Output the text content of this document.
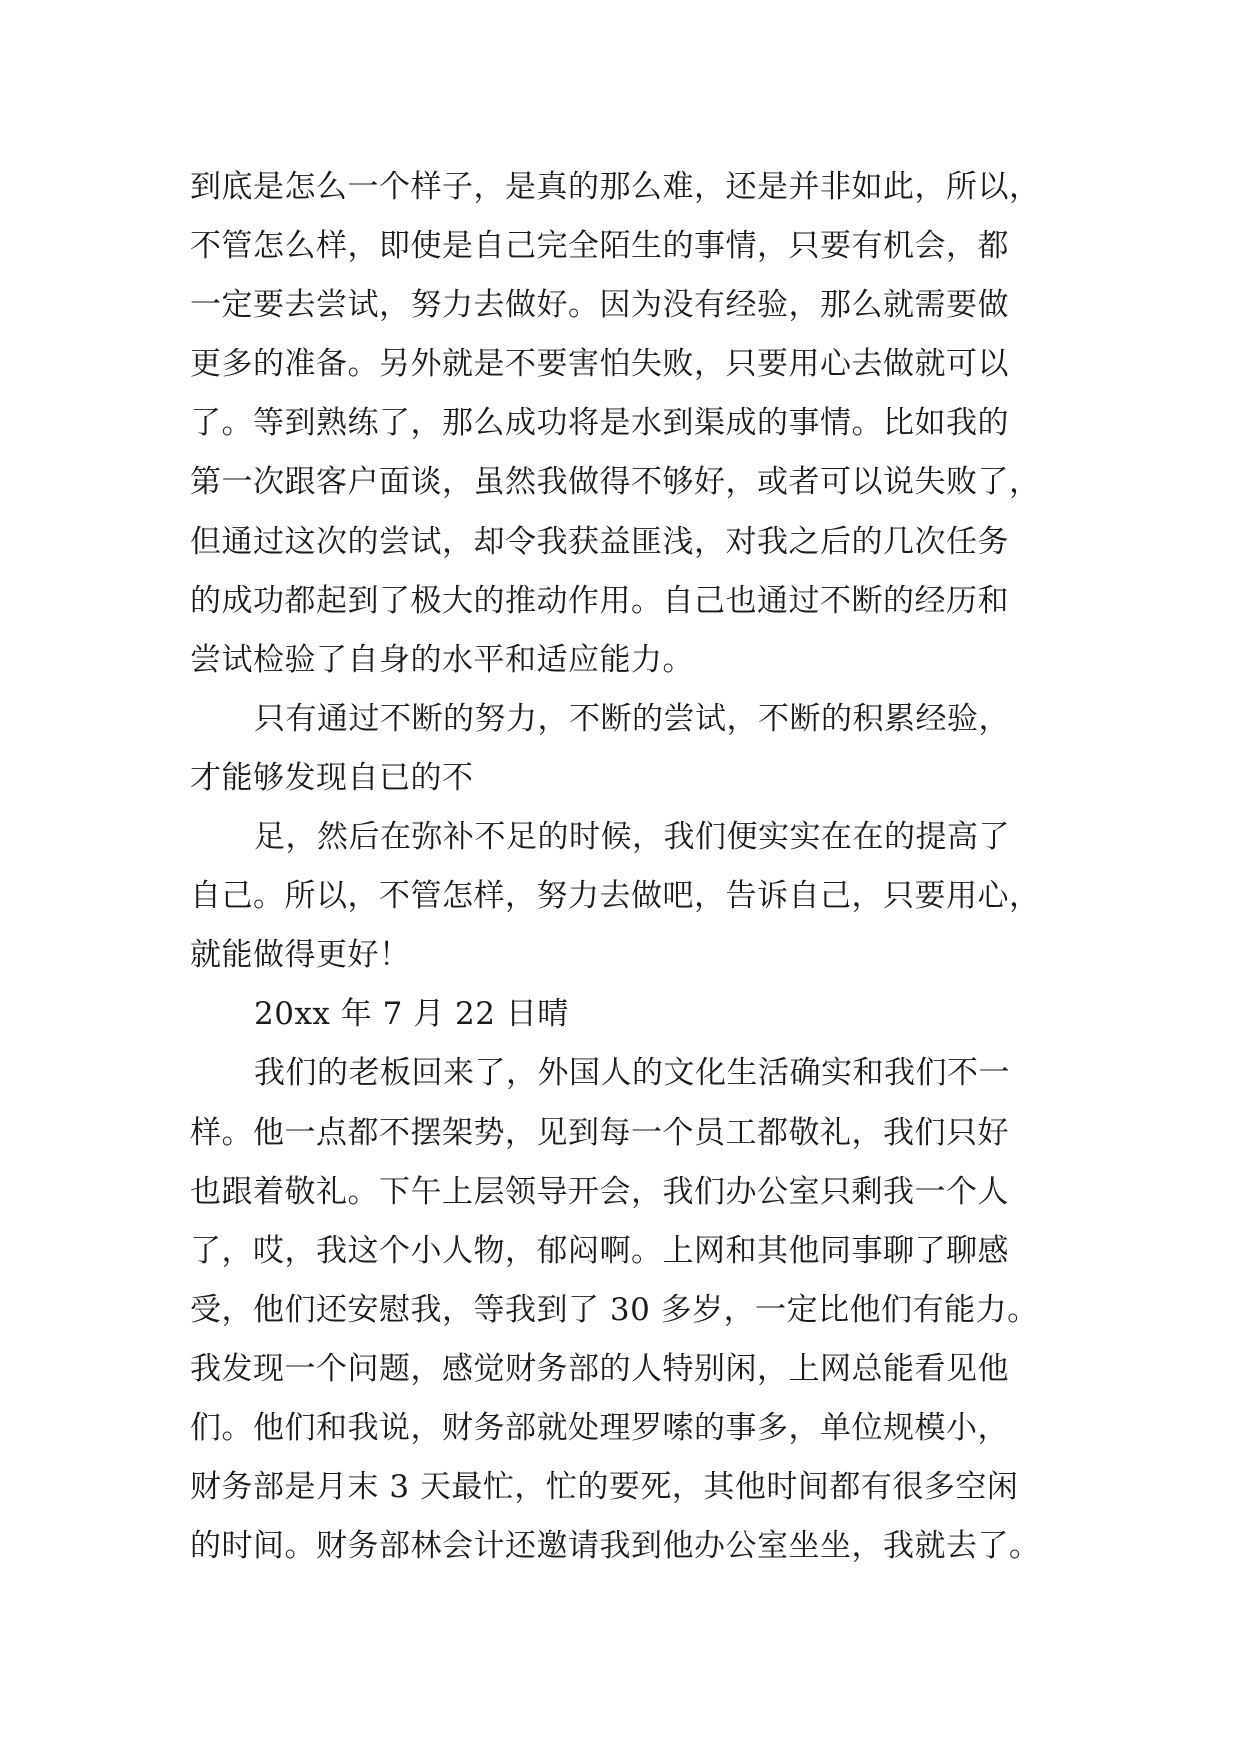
到底是怎么一个样子，是真的那么难，还是并非如此，所以，
不管怎么样，即使是自己完全陌生的事情，只要有机会，都
一定要去尝试，努力去做好。因为没有经验，那么就需要做
更多的准备。另外就是不要害怕失败，只要用心去做就可以
了。等到熟练了，那么成功将是水到渠成的事情。比如我的
第一次跟客户面谈，虽然我做得不够好，或者可以说失败了，
但通过这次的尝试，却令我获益匪浅，对我之后的几次任务
的成功都起到了极大的推动作用。自己也通过不断的经历和
尝试检验了自身的水平和适应能力。
只有通过不断的努力，不断的尝试，不断的积累经验，
才能够发现自已的不
足，然后在弥补不足的时候，我们便实实在在的提高了
自己。所以，不管怎样，努力去做吧，告诉自己，只要用心，
就能做得更好！
20xx 年 7 月 22 日晴
我们的老板回来了，外国人的文化生活确实和我们不一
样。他一点都不摆架势，见到每一个员工都敬礼，我们只好
也跟着敬礼。下午上层领导开会，我们办公室只剩我一个人
了，哎，我这个小人物，郁闷啊。上网和其他同事聊了聊感
受，他们还安慰我，等我到了 30 多岁，一定比他们有能力。
我发现一个问题，感觉财务部的人特别闲，上网总能看见他
们。他们和我说，财务部就处理罗嗦的事多，单位规模小，
财务部是月末 3 天最忙，忙的要死，其他时间都有很多空闲
的时间。财务部林会计还邀请我到他办公室坐坐，我就去了。
